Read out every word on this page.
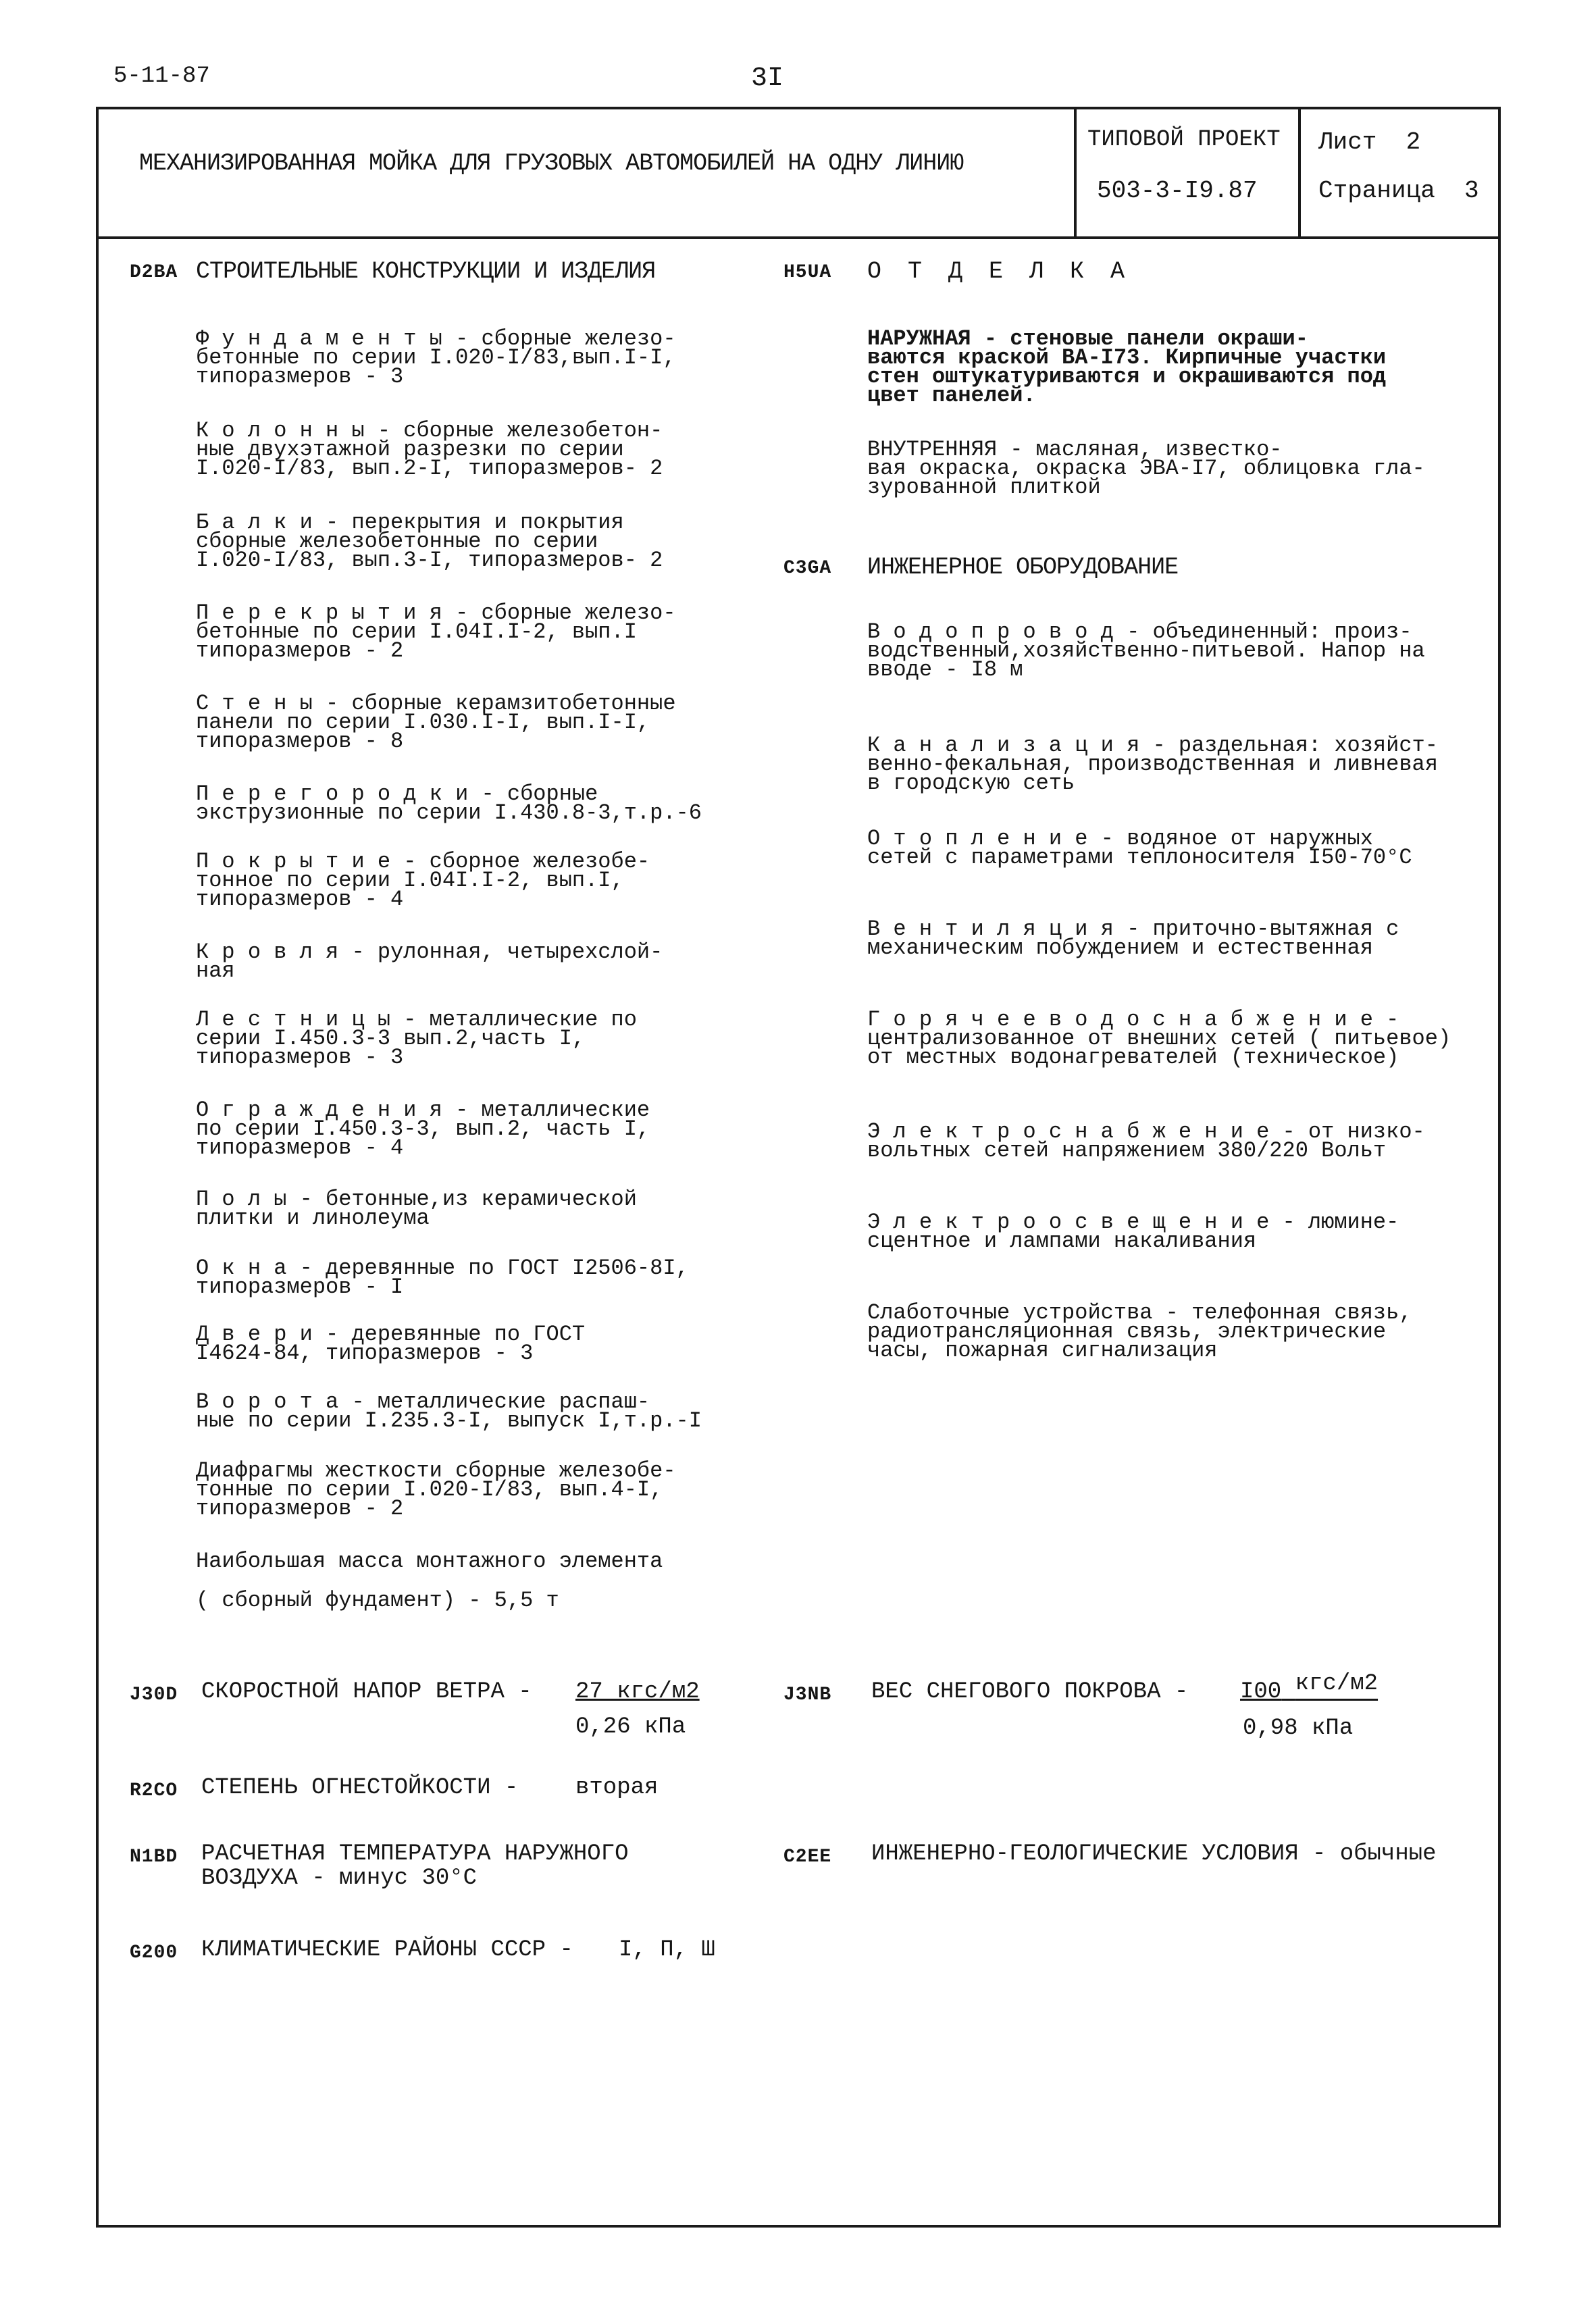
5-11-87	3I
МЕХАНИЗИРОВАННАЯ МОЙКА ДЛЯ ГРУЗОВЫХ АВТОМОБИЛЕЙ НА ОДНУ ЛИНИЮ
ТИПОВОЙ ПРОЕКТ
503-3-I9.87
Лист 2
Страница 3
D2BA СТРОИТЕЛЬНЫЕ КОНСТРУКЦИИ И ИЗДЕЛИЯ
Ф у н д а м е н т ы - сборные железо-
бетонные по серии I.020-I/83,вып.I-I,
типоразмеров - 3
К о л о н н ы - сборные железобетон-
ные двухэтажной разрезки по серии
I.020-I/83, вып.2-I, типоразмеров- 2
Б а л к и - перекрытия и покрытия
сборные железобетонные по серии
I.020-I/83, вып.3-I, типоразмеров- 2
П е р е к р ы т и я - сборные железо-
бетонные по серии I.04I.I-2, вып.I
типоразмеров - 2
С т е н ы - сборные керамзитобетонные
панели по серии I.030.I-I, вып.I-I,
типоразмеров - 8
П е р е г о р о д к и - сборные
экструзионные по серии I.430.8-3,т.р.-6
П о к р ы т и е - сборное железобе-
тонное по серии I.04I.I-2, вып.I,
типоразмеров - 4
К р о в л я - рулонная, четырехслой-
ная
Л е с т н и ц ы - металлические по
серии I.450.3-3 вып.2,часть I,
типоразмеров - 3
О г р а ж д е н и я - металлические
по серии I.450.3-3, вып.2, часть I,
типоразмеров - 4
П о л ы - бетонные,из керамической
плитки и линолеума
О к н а - деревянные по ГОСТ I2506-8I,
типоразмеров - I
Д в е р и - деревянные по ГОСТ
I4624-84, типоразмеров - 3
В о р о т а - металлические распаш-
ные по серии I.235.3-I, выпуск I,т.р.-I
Диафрагмы жесткости сборные железобе-
тонные по серии I.020-I/83, вып.4-I,
типоразмеров - 2
Наибольшая масса монтажного элемента
( сборный фундамент) - 5,5 т
H5UA О Т Д Е Л К А
НАРУЖНАЯ - стеновые панели окраши-
ваются краской ВА-I73. Кирпичные участки
стен оштукатуриваются и окрашиваются под
цвет панелей.
ВНУТРЕННЯЯ - масляная, известко-
вая окраска, окраска ЭВА-I7, облицовка гла-
зурованной плиткой
C3GA ИНЖЕНЕРНОЕ ОБОРУДОВАНИЕ
В о д о п р о в о д - объединенный: произ-
водственный,хозяйственно-питьевой. Напор на
вводе - I8 м
К а н а л и з а ц и я - раздельная: хозяйст-
венно-фекальная, производственная и ливневая
в городскую сеть
О т о п л е н и е - водяное от наружных
сетей с параметрами теплоносителя I50-70°С
В е н т и л я ц и я - приточно-вытяжная с
механическим побуждением и естественная
Г о р я ч е е в о д о с н а б ж е н и е -
централизованное от внешних сетей ( питьевое)
от местных водонагревателей (техническое)
Э л е к т р о с н а б ж е н и е - от низко-
вольтных сетей напряжением 380/220 Вольт
Э л е к т р о о с в е щ е н и е - люмине-
сцентное и лампами накаливания
Слаботочные устройства - телефонная связь,
радиотрансляционная связь, электрические
часы, пожарная сигнализация
J30D СКОРОСТНОЙ НАПОР ВЕТРА - 27 кгс/м2
0,26 кПа
J3NB ВЕС СНЕГОВОГО ПОКРОВА - I00 кгс/м2
0,98 кПа
R2CO СТЕПЕНЬ ОГНЕСТОЙКОСТИ - вторая
N1BD РАСЧЕТНАЯ ТЕМПЕРАТУРА НАРУЖНОГО
ВОЗДУХА - минус 30°С
C2EE ИНЖЕНЕРНО-ГЕОЛОГИЧЕСКИЕ УСЛОВИЯ - обычные
G200 КЛИМАТИЧЕСКИЕ РАЙОНЫ СССР - I, П, Ш
